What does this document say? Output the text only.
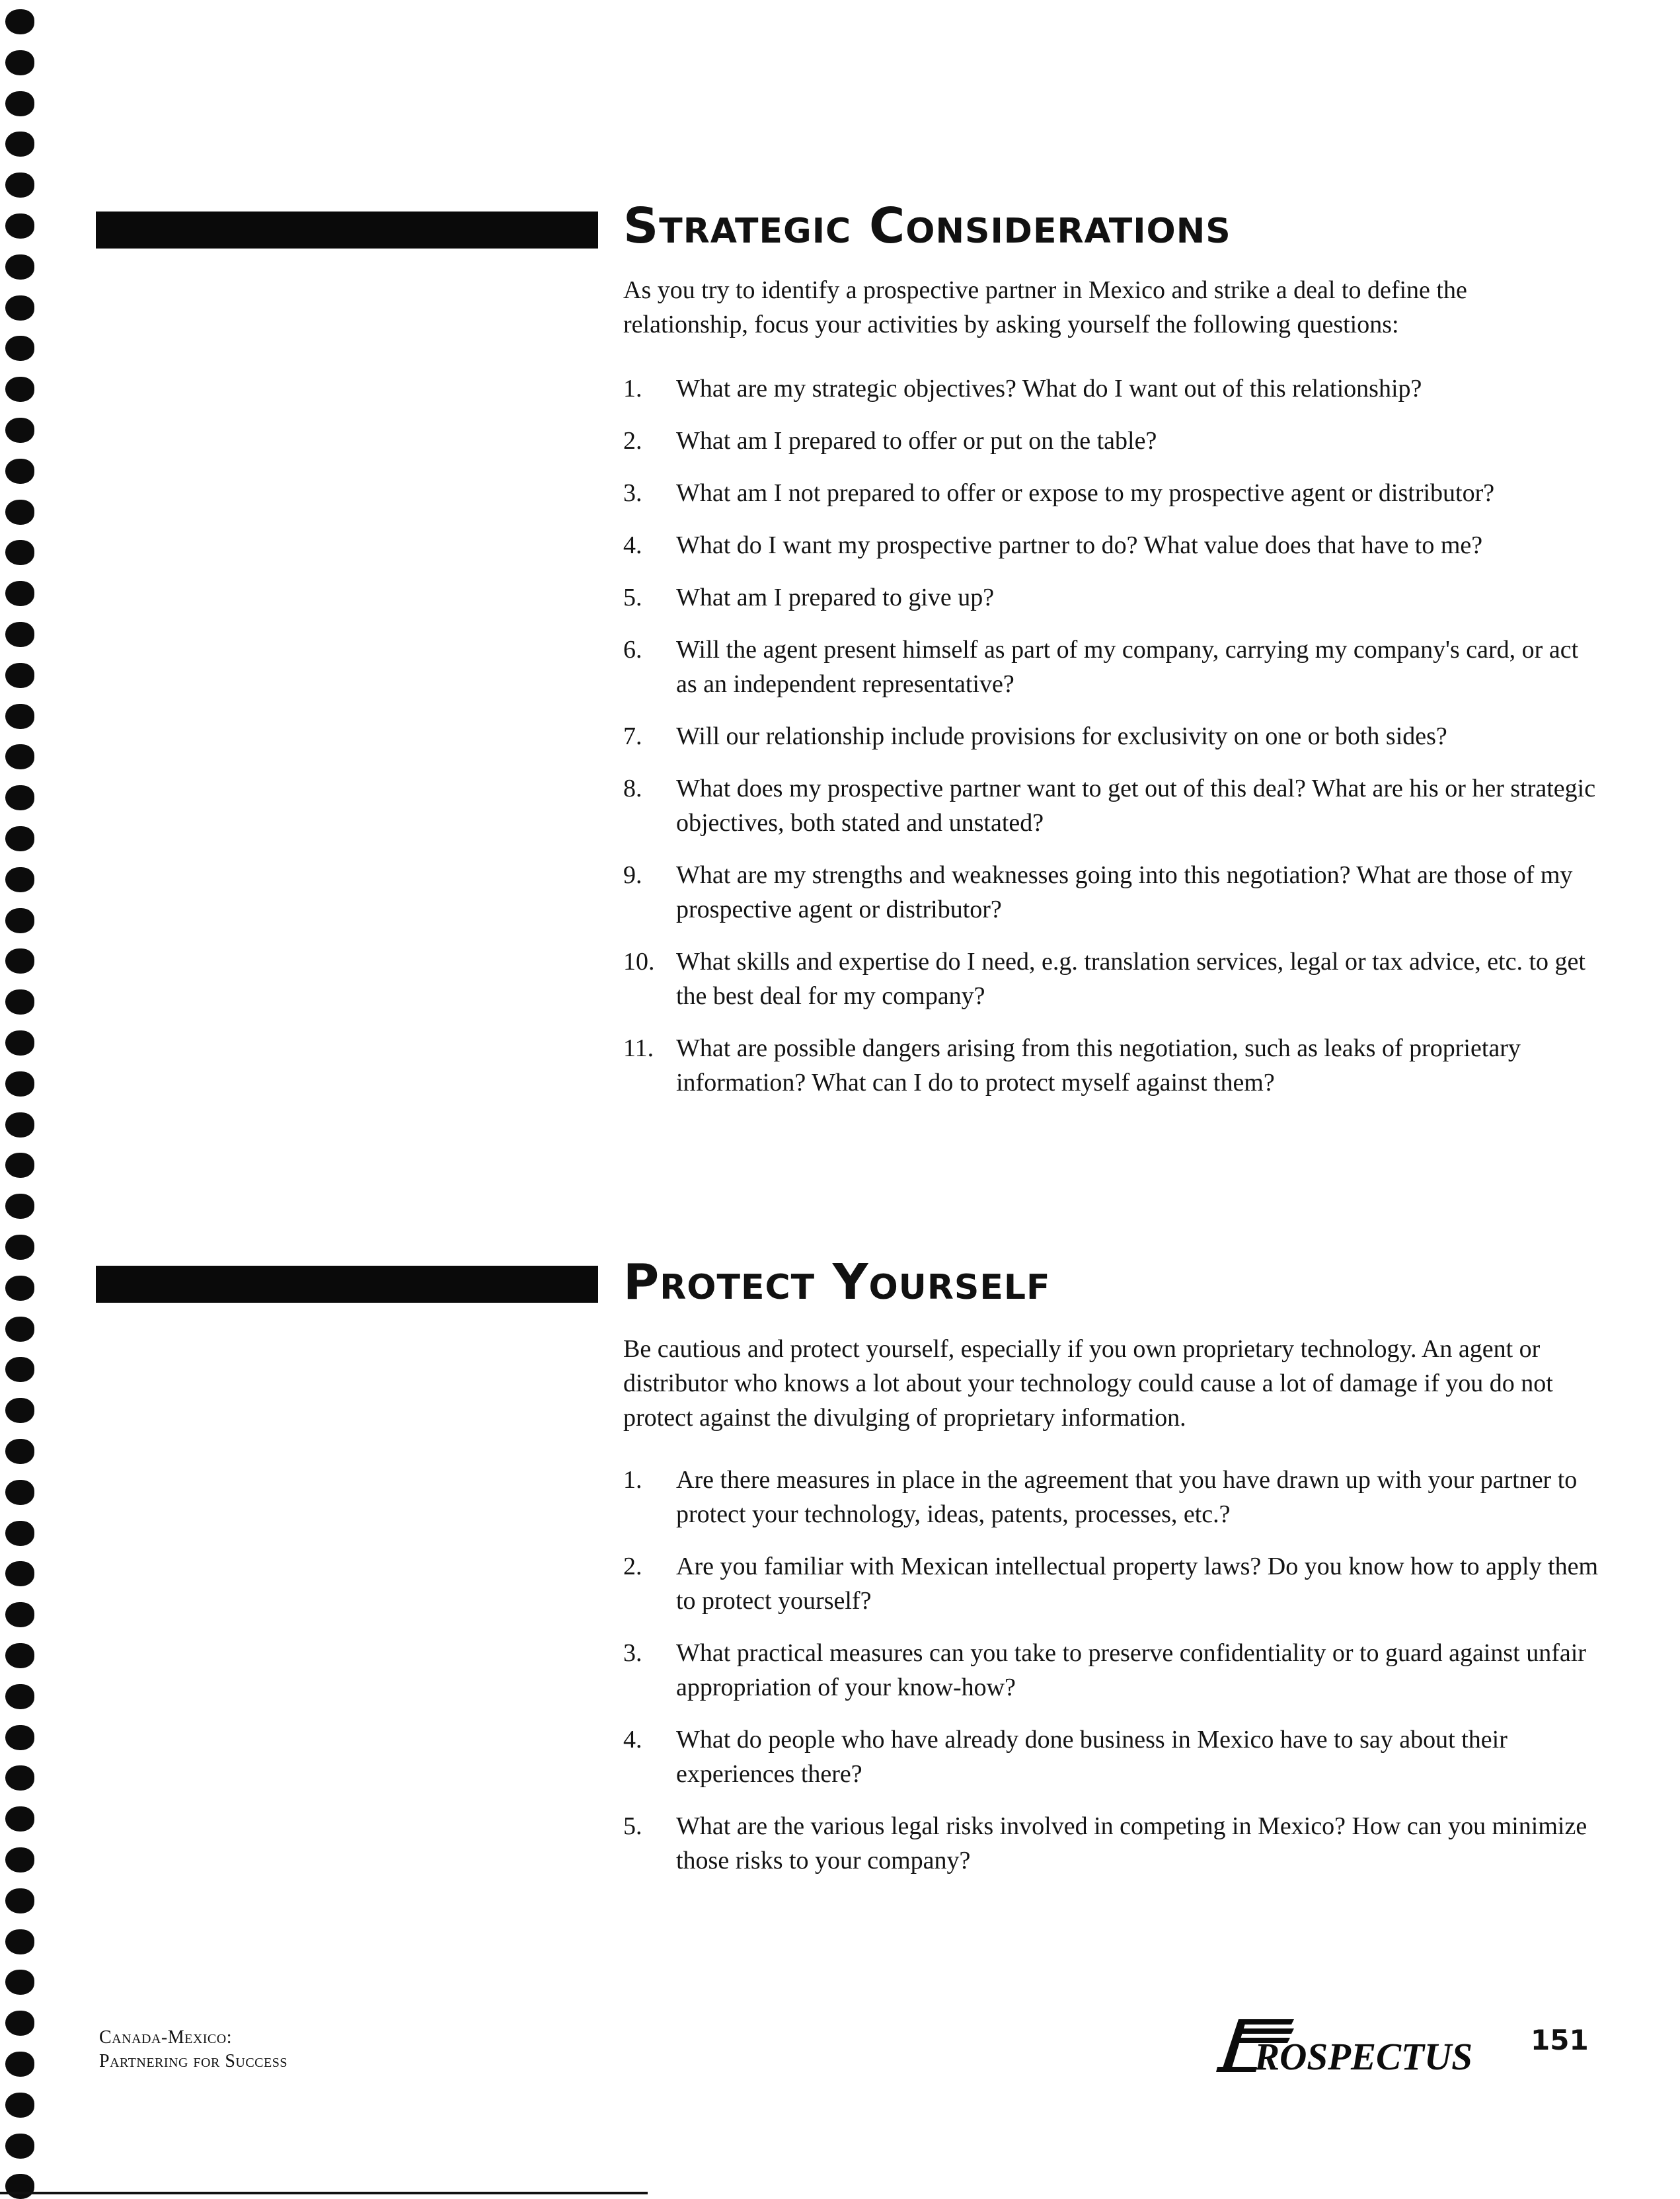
Strategic Considerations
As you try to identify a prospective partner in Mexico and strike a deal to define the relationship, focus your activities by asking yourself the following questions:
1. What are my strategic objectives? What do I want out of this relationship?
2. What am I prepared to offer or put on the table?
3. What am I not prepared to offer or expose to my prospective agent or distributor?
4. What do I want my prospective partner to do? What value does that have to me?
5. What am I prepared to give up?
6. Will the agent present himself as part of my company, carrying my company's card, or act as an independent representative?
7. Will our relationship include provisions for exclusivity on one or both sides?
8. What does my prospective partner want to get out of this deal? What are his or her strategic objectives, both stated and unstated?
9. What are my strengths and weaknesses going into this negotiation? What are those of my prospective agent or distributor?
10. What skills and expertise do I need, e.g. translation services, legal or tax advice, etc. to get the best deal for my company?
11. What are possible dangers arising from this negotiation, such as leaks of proprietary information? What can I do to protect myself against them?
Protect Yourself
Be cautious and protect yourself, especially if you own proprietary technology. An agent or distributor who knows a lot about your technology could cause a lot of damage if you do not protect against the divulging of proprietary information.
1. Are there measures in place in the agreement that you have drawn up with your partner to protect your technology, ideas, patents, processes, etc.?
2. Are you familiar with Mexican intellectual property laws? Do you know how to apply them to protect yourself?
3. What practical measures can you take to preserve confidentiality or to guard against unfair appropriation of your know-how?
4. What do people who have already done business in Mexico have to say about their experiences there?
5. What are the various legal risks involved in competing in Mexico? How can you minimize those risks to your company?
Canada-Mexico:
Partnering for Success	ROSPECTUS 151
